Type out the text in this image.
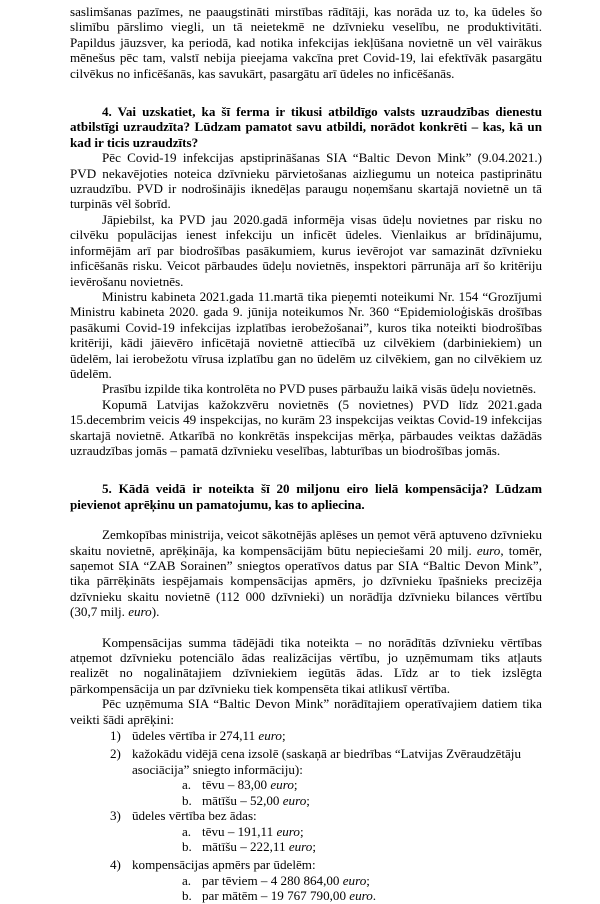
saslimšanas pazīmes, ne paaugstināti mirstības rādītāji, kas norāda uz to, ka ūdeles šo slimību pārslimo viegli, un tā neietekmē ne dzīvnieku veselību, ne produktivitāti. Papildus jāuzsver, ka periodā, kad notika infekcijas iekļūšana novietnē un vēl vairākus mēnešus pēc tam, valstī nebija pieejama vakcīna pret Covid-19, lai efektīvāk pasargātu cilvēkus no inficēšanās, kas savukārt, pasargātu arī ūdeles no inficēšanās.

4. Vai uzskatiet, ka šī ferma ir tikusi atbildīgo valsts uzraudzības dienestu atbilstīgi uzraudzīta? Lūdzam pamatot savu atbildi, norādot konkrēti – kas, kā un kad ir ticis uzraudzīts?

Pēc Covid-19 infekcijas apstiprināšanas SIA “Baltic Devon Mink” (9.04.2021.) PVD nekavējoties noteica dzīvnieku pārvietošanas aizliegumu un noteica pastiprinātu uzraudzību. PVD ir nodrošinājis iknedēļas paraugu noņemšanu skartajā novietnē un tā turpinās vēl šobrīd.

Jāpiebilst, ka PVD jau 2020.gadā informēja visas ūdeļu novietnes par risku no cilvēku populācijas ienest infekciju un inficēt ūdeles. Vienlaikus ar brīdinājumu, informējām arī par biodrošības pasākumiem, kurus ievērojot var samazināt dzīvnieku inficēšanās risku. Veicot pārbaudes ūdeļu novietnēs, inspektori pārrunāja arī šo kritēriju ievērošanu novietnēs.

Ministru kabineta 2021.gada 11.martā tika pieņemti noteikumi Nr. 154 “Grozījumi Ministru kabineta 2020. gada 9. jūnija noteikumos Nr. 360 “Epidemioloģiskās drošības pasākumi Covid-19 infekcijas izplatības ierobežošanai”, kuros tika noteikti biodrošības kritēriji, kādi jāievēro inficētajā novietnē attiecībā uz cilvēkiem (darbiniekiem) un ūdelēm, lai ierobežotu vīrusa izplatību gan no ūdelēm uz cilvēkiem, gan no cilvēkiem uz ūdelēm.

Prasību izpilde tika kontrolēta no PVD puses pārbaužu laikā visās ūdeļu novietnēs.

Kopumā Latvijas kažokzvēru novietnēs (5 novietnes) PVD līdz 2021.gada 15.decembrim veicis 49 inspekcijas, no kurām 23 inspekcijas veiktas Covid-19 infekcijas skartajā novietnē. Atkarībā no konkrētās inspekcijas mērķa, pārbaudes veiktas dažādās uzraudzības jomās – pamatā dzīvnieku veselības, labturības un biodrošības jomās.

5. Kādā veidā ir noteikta šī 20 miljonu eiro lielā kompensācija? Lūdzam pievienot aprēķinu un pamatojumu, kas to apliecina.

Zemkopības ministrija, veicot sākotnējās aplēses un ņemot vērā aptuveno dzīvnieku skaitu novietnē, aprēķināja, ka kompensācijām būtu nepieciešami 20 milj. euro, tomēr, saņemot SIA “ZAB Sorainen” sniegtos operatīvos datus par SIA “Baltic Devon Mink”, tika pārrēķināts iespējamais kompensācijas apmērs, jo dzīvnieku īpašnieks precizēja dzīvnieku skaitu novietnē (112 000 dzīvnieki) un norādīja dzīvnieku bilances vērtību (30,7 milj. euro).

Kompensācijas summa tādējādi tika noteikta – no norādītās dzīvnieku vērtības atņemot dzīvnieku potenciālo ādas realizācijas vērtību, jo uzņēmumam tiks atļauts realizēt no nogalinātajiem dzīvniekiem iegūtās ādas. Līdz ar to tiek izslēgta pārkompensācija un par dzīvnieku tiek kompensēta tikai atlikusī vērtība.

Pēc uzņēmuma SIA “Baltic Devon Mink” norādītajiem operatīvajiem datiem tika veikti šādi aprēķini:

1) ūdeles vērtība ir 274,11 euro;
2) kažokādu vidējā cena izsolē (saskaņā ar biedrības “Latvijas Zvēraudzētāju asociācija” sniegto informāciju):
a. tēvu – 83,00 euro;
b. mātīšu – 52,00 euro;
3) ūdeles vērtība bez ādas:
a. tēvu – 191,11 euro;
b. mātīšu – 222,11 euro;
4) kompensācijas apmērs par ūdelēm:
a. par tēviem – 4 280 864,00 euro;
b. par mātēm – 19 767 790,00 euro.
